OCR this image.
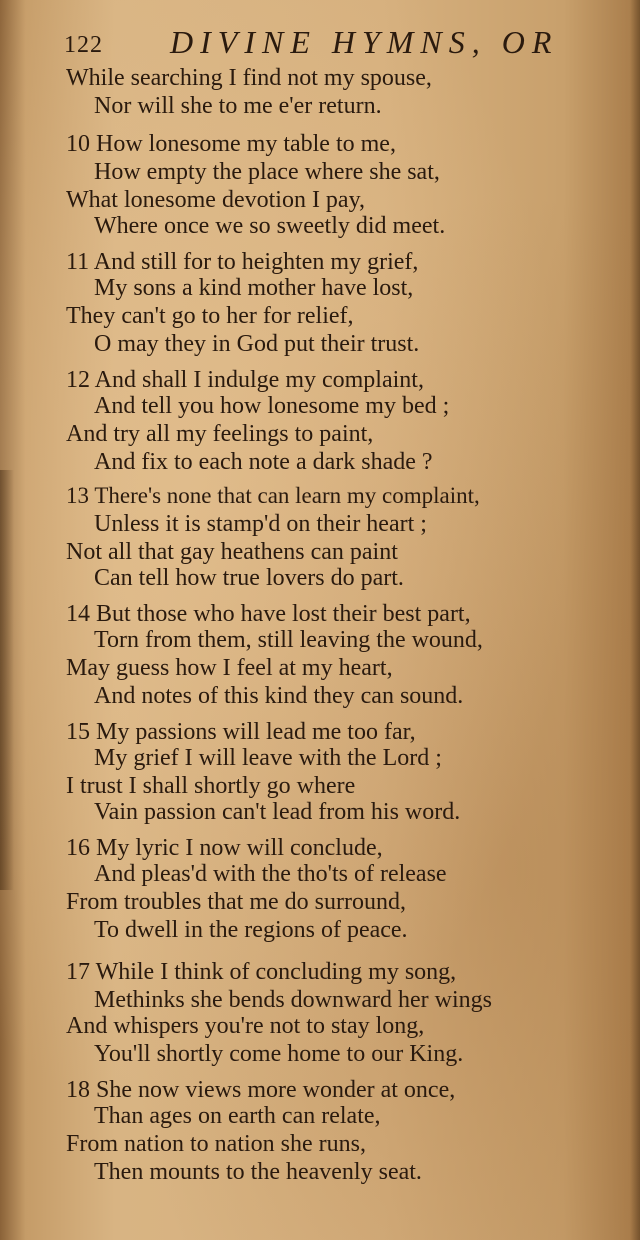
122 DIVINE HYMNS, OR
While searching I find not my spouse,
Nor will she to me e'er return.
10 How lonesome my table to me,
How empty the place where she sat,
What lonesome devotion I pay,
Where once we so sweetly did meet.
11 And still for to heighten my grief,
My sons a kind mother have lost,
They can't go to her for relief,
O may they in God put their trust.
12 And shall I indulge my complaint,
And tell you how lonesome my bed ;
And try all my feelings to paint,
And fix to each note a dark shade ?
13 There's none that can learn my complaint,
Unless it is stamp'd on their heart ;
Not all that gay heathens can paint
Can tell how true lovers do part.
14 But those who have lost their best part,
Torn from them, still leaving the wound,
May guess how I feel at my heart,
And notes of this kind they can sound.
15 My passions will lead me too far,
My grief I will leave with the Lord ;
I trust I shall shortly go where
Vain passion can't lead from his word.
16 My lyric I now will conclude,
And pleas'd with the tho'ts of release
From troubles that me do surround,
To dwell in the regions of peace.
17 While I think of concluding my song,
Methinks she bends downward her wings
And whispers you're not to stay long,
You'll shortly come home to our King.
18 She now views more wonder at once,
Than ages on earth can relate,
From nation to nation she runs,
Then mounts to the heavenly seat.
